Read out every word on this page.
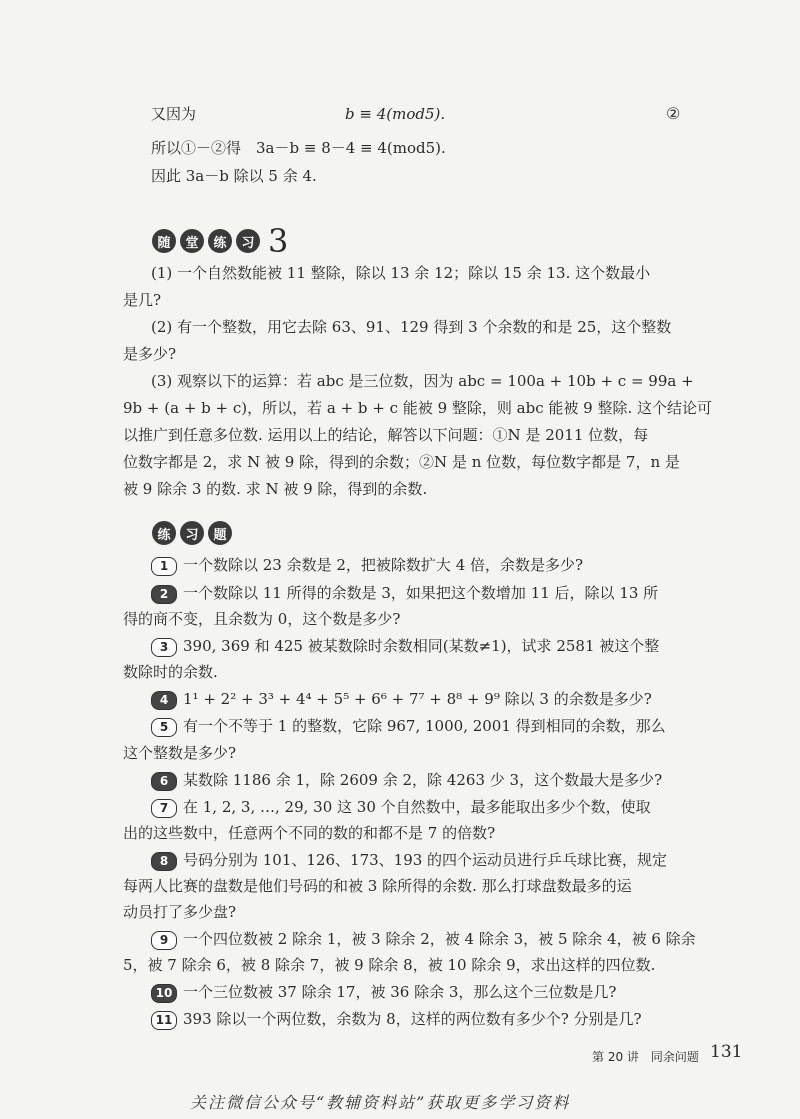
又因为	b ≡ 4(mod5).	②
所以①－②得　3a－b ≡ 8－4 ≡ 4(mod5).
因此 3a－b 除以 5 余 4.
随	堂	练	习 3
(1) 一个自然数能被 11 整除，除以 13 余 12；除以 15 余 13. 这个数最小
是几?
(2) 有一个整数，用它去除 63、91、129 得到 3 个余数的和是 25，这个整数
是多少?
(3) 观察以下的运算：若 abc 是三位数，因为 abc = 100a + 10b + c = 99a +
9b + (a + b + c)，所以，若 a + b + c 能被 9 整除，则 abc 能被 9 整除. 这个结论可
以推广到任意多位数. 运用以上的结论，解答以下问题：①N 是 2011 位数，每
位数字都是 2，求 N 被 9 除，得到的余数；②N 是 n 位数，每位数字都是 7，n 是
被 9 除余 3 的数. 求 N 被 9 除，得到的余数.
练	习	题
1 一个数除以 23 余数是 2，把被除数扩大 4 倍，余数是多少?
2 一个数除以 11 所得的余数是 3，如果把这个数增加 11 后，除以 13 所
得的商不变，且余数为 0，这个数是多少?
3 390, 369 和 425 被某数除时余数相同(某数≠1)，试求 2581 被这个整
数除时的余数.
4 1¹ + 2² + 3³ + 4⁴ + 5⁵ + 6⁶ + 7⁷ + 8⁸ + 9⁹ 除以 3 的余数是多少?
5 有一个不等于 1 的整数，它除 967, 1000, 2001 得到相同的余数，那么
这个整数是多少?
6 某数除 1186 余 1，除 2609 余 2，除 4263 少 3，这个数最大是多少?
7 在 1, 2, 3, …, 29, 30 这 30 个自然数中，最多能取出多少个数，使取
出的这些数中，任意两个不同的数的和都不是 7 的倍数?
8 号码分别为 101、126、173、193 的四个运动员进行乒乓球比赛，规定
每两人比赛的盘数是他们号码的和被 3 除所得的余数. 那么打球盘数最多的运
动员打了多少盘?
9 一个四位数被 2 除余 1，被 3 除余 2，被 4 除余 3，被 5 除余 4，被 6 除余
5，被 7 除余 6，被 8 除余 7，被 9 除余 8，被 10 除余 9，求出这样的四位数.
10 一个三位数被 37 除余 17，被 36 除余 3，那么这个三位数是几?
11 393 除以一个两位数，余数为 8，这样的两位数有多少个? 分别是几?
第 20 讲　同余问题 131
关注微信公众号“教辅资料站”获取更多学习资料
